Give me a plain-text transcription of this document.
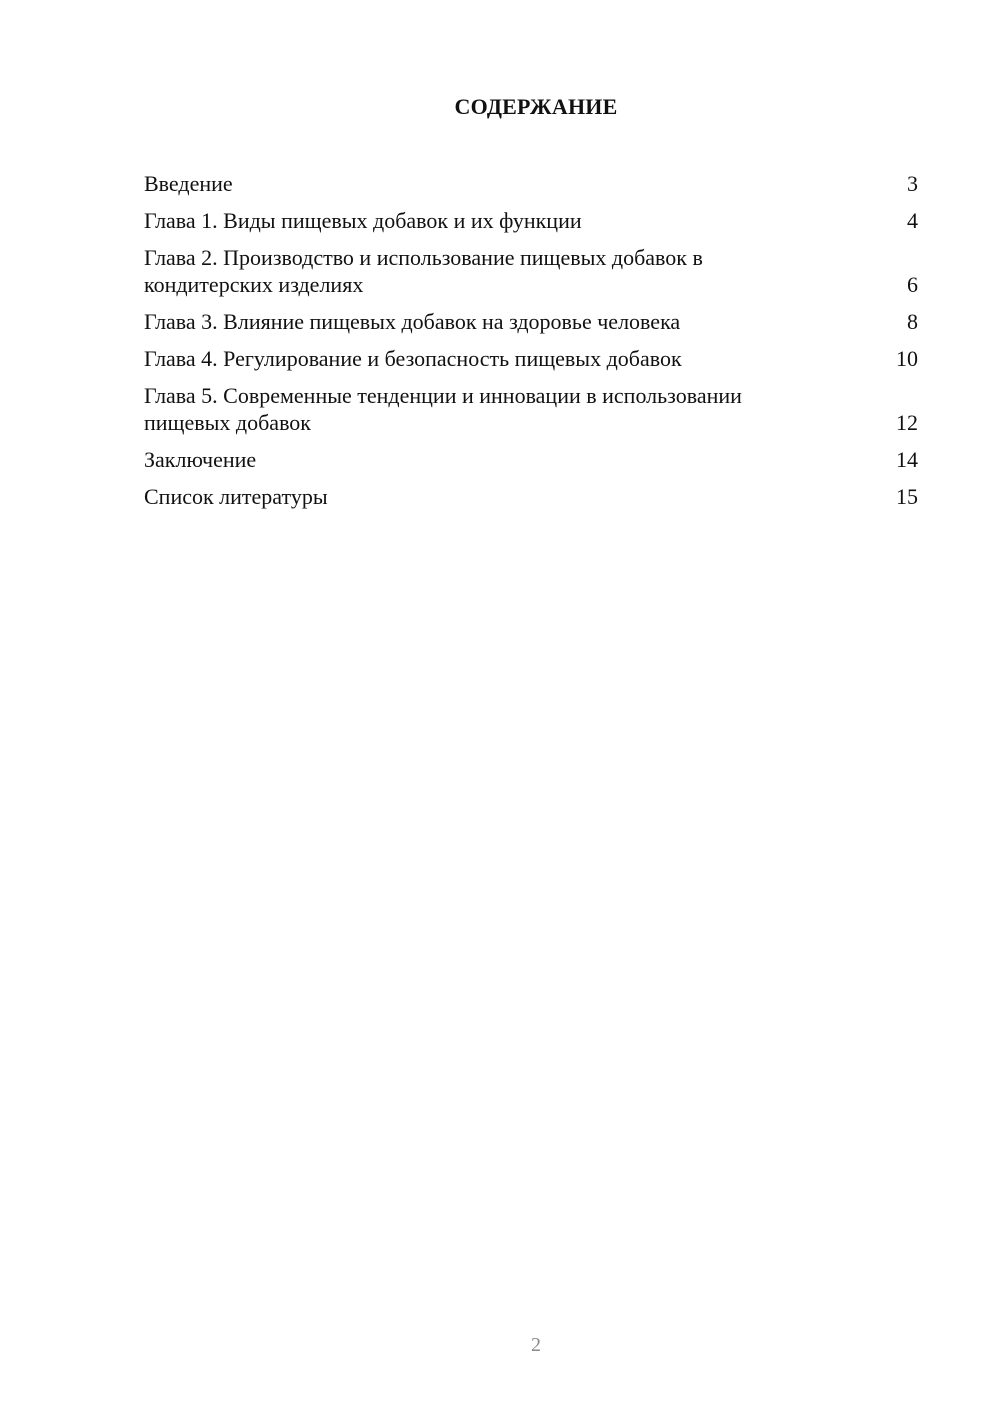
СОДЕРЖАНИЕ
Введение	3
Глава 1. Виды пищевых добавок и их функции	4
Глава 2. Производство и использование пищевых добавок в
кондитерских изделиях	6
Глава 3. Влияние пищевых добавок на здоровье человека	8
Глава 4. Регулирование и безопасность пищевых добавок	10
Глава 5. Современные тенденции и инновации в использовании
пищевых добавок	12
Заключение	14
Список литературы	15
2
